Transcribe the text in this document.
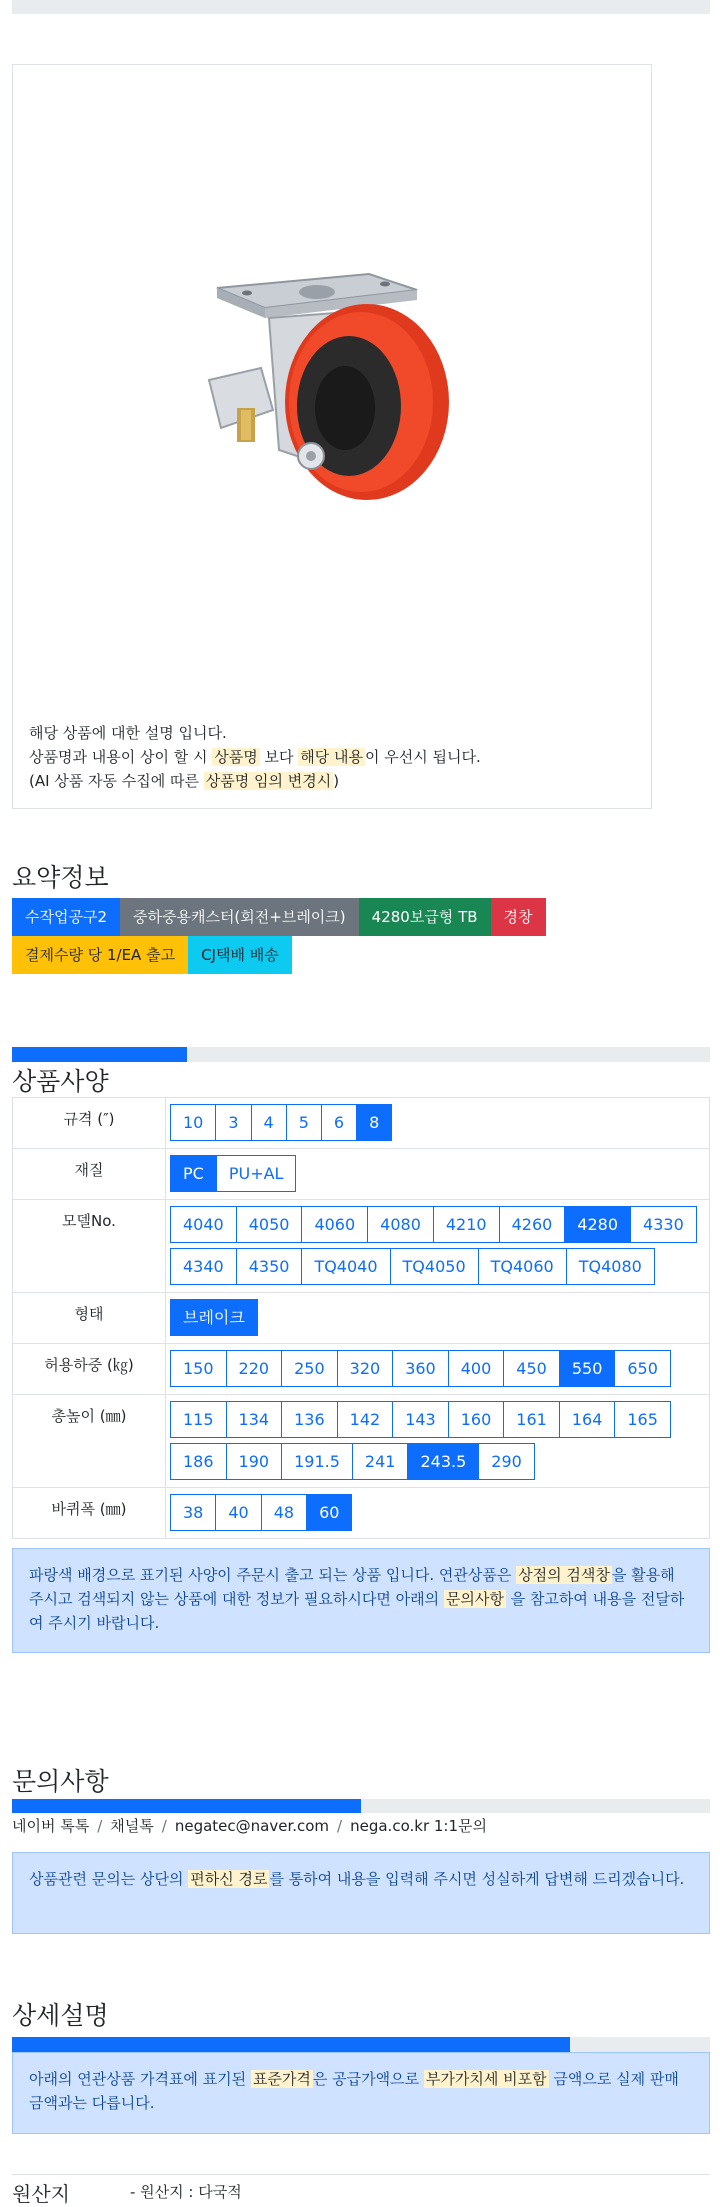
해당 상품에 대한 설명 입니다.
상품명과 내용이 상이 할 시 상품명 보다 해당 내용 이 우선시 됩니다.
(AI 상품 자동 수집에 따른 상품명 임의 변경시 )
요약정보
수작업공구2	중하중용캐스터(회전+브레이크)	4280보급형 TB	경창
결제수량 당 1/EA 출고	CJ택배 배송
상품사양
규격 (″)	10	3	4	5	6	8
재질	PC	PU+AL
모델No.	4040	4050	4060	4080	4210	4260	4280	4330
4340	4350	TQ4040	TQ4050	TQ4060	TQ4080
형태	브레이크
허용하중 (㎏)	150	220	250	320	360	400	450	550	650
총높이 (㎜)	115	134	136	142	143	160	161	164	165
186	190	191.5	241	243.5	290
바퀴폭 (㎜)	38	40	48	60
파랑색 배경으로 표기된 사양이 주문시 출고 되는 상품 입니다. 연관상품은 상점의 검색창 을 활용해 주시고 검색되지 않는 상품에 대한 정보가 필요하시다면 아래의 문의사항 을 참고하여 내용을 전달하여 주시기 바랍니다.
문의사항
네이버 톡톡 / 채널톡 / negatec@naver.com / nega.co.kr 1:1문의
상품관련 문의는 상단의 편하신 경로 를 통하여 내용을 입력해 주시면 성실하게 답변해 드리겠습니다.
상세설명
아래의 연관상품 가격표에 표기된 표준가격 은 공급가액으로 부가가치세 비포함 금액으로 실제 판매금액과는 다릅니다.
원산지	- 원산지 : 다국적
